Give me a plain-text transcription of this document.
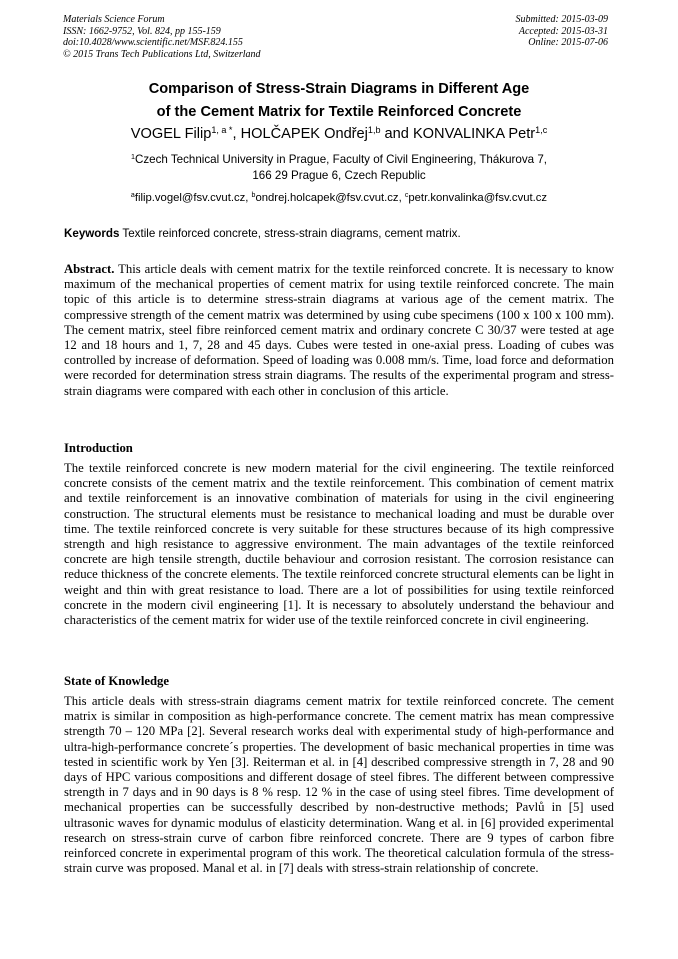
Materials Science Forum
ISSN: 1662-9752, Vol. 824, pp 155-159
doi:10.4028/www.scientific.net/MSF.824.155
© 2015 Trans Tech Publications Ltd, Switzerland
Submitted: 2015-03-09
Accepted: 2015-03-31
Online: 2015-07-06
Comparison of Stress-Strain Diagrams in Different Age
of the Cement Matrix for Textile Reinforced Concrete
VOGEL Filip$^{1, a *}$, HOLČAPEK Ondřej$^{1,b}$ and KONVALINKA Petr$^{1,c}$
$^1$Czech Technical University in Prague, Faculty of Civil Engineering, Thákurova 7,
166 29 Prague 6, Czech Republic
$^a$filip.vogel@fsv.cvut.cz, $^b$ondrej.holcapek@fsv.cvut.cz, $^c$petr.konvalinka@fsv.cvut.cz
Keywords Textile reinforced concrete, stress-strain diagrams, cement matrix.
Abstract. This article deals with cement matrix for the textile reinforced concrete. It is necessary to know maximum of the mechanical properties of cement matrix for using textile reinforced concrete. The main topic of this article is to determine stress-strain diagrams at various age of the cement matrix. The compressive strength of the cement matrix was determined by using cube specimens (100 x 100 x 100 mm). The cement matrix, steel fibre reinforced cement matrix and ordinary concrete C 30/37 were tested at age 12 and 18 hours and 1, 7, 28 and 45 days. Cubes were tested in one-axial press. Loading of cubes was controlled by increase of deformation. Speed of loading was 0.008 mm/s. Time, load force and deformation were recorded for determination stress strain diagrams. The results of the experimental program and stress-strain diagrams were compared with each other in conclusion of this article.
Introduction
The textile reinforced concrete is new modern material for the civil engineering. The textile reinforced concrete consists of the cement matrix and the textile reinforcement. This combination of cement matrix and textile reinforcement is an innovative combination of materials for using in the civil engineering construction. The structural elements must be resistance to mechanical loading and must be durable over time. The textile reinforced concrete is very suitable for these structures because of its high compressive strength and high resistance to aggressive environment. The main advantages of the textile reinforced concrete are high tensile strength, ductile behaviour and corrosion resistant. The corrosion resistance can reduce thickness of the concrete elements. The textile reinforced concrete structural elements can be light in weight and thin with great resistance to load. There are a lot of possibilities for using textile reinforced concrete in the modern civil engineering [1]. It is necessary to absolutely understand the behaviour and characteristics of the cement matrix for wider use of the textile reinforced concrete in civil engineering.
State of Knowledge
This article deals with stress-strain diagrams cement matrix for textile reinforced concrete. The cement matrix is similar in composition as high-performance concrete. The cement matrix has mean compressive strength 70 – 120 MPa [2]. Several research works deal with experimental study of high-performance and ultra-high-performance concrete´s properties. The development of basic mechanical properties in time was tested in scientific work by Yen [3]. Reiterman et al. in [4] described compressive strength in 7, 28 and 90 days of HPC various compositions and different dosage of steel fibres. The different between compressive strength in 7 days and in 90 days is 8 % resp. 12 % in the case of using steel fibres. Time development of mechanical properties can be successfully described by non-destructive methods; Pavlů in [5] used ultrasonic waves for dynamic modulus of elasticity determination. Wang et al. in [6] provided experimental research on stress-strain curve of carbon fibre reinforced concrete. There are 9 types of carbon fibre reinforced concrete in experimental program of this work. The theoretical calculation formula of the stress-strain curve was proposed. Manal et al. in [7] deals with stress-strain relationship of concrete.
